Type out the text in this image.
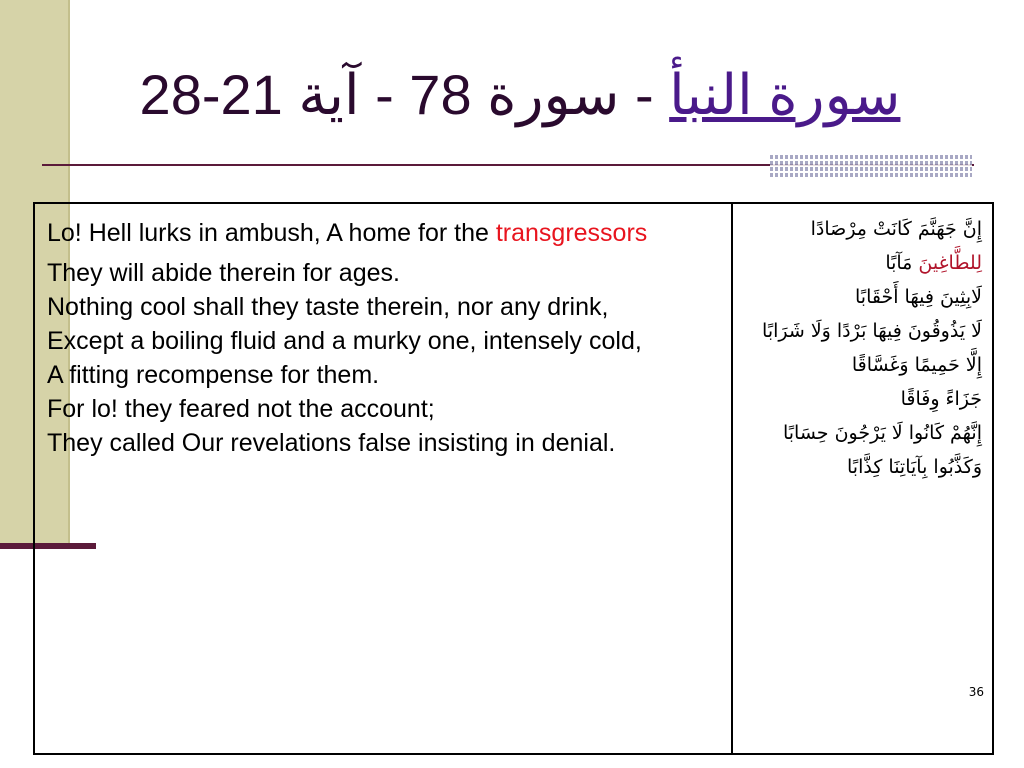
سورة النبأ - سورة 78 - آية 21-28
Lo! Hell lurks in ambush, A home for the transgressors
They will abide therein for ages.
Nothing cool shall they taste therein, nor any drink,
Except a boiling fluid and a murky one, intensely cold,
A fitting recompense for them.
For lo! they feared not the account;
They called Our revelations false insisting in denial.

إِنَّ جَهَنَّمَ كَانَتْ مِرْصَادًا
لِلطَّاغِينَ مَآبًا
لَابِثِينَ فِيهَا أَحْقَابًا
لَا يَذُوقُونَ فِيهَا بَرْدًا وَلَا شَرَابًا
إِلَّا حَمِيمًا وَغَسَّاقًا
جَزَاءً وِفَاقًا
إِنَّهُمْ كَانُوا لَا يَرْجُونَ حِسَابًا
وَكَذَّبُوا بِآيَاتِنَا كِذَّابًا
36
